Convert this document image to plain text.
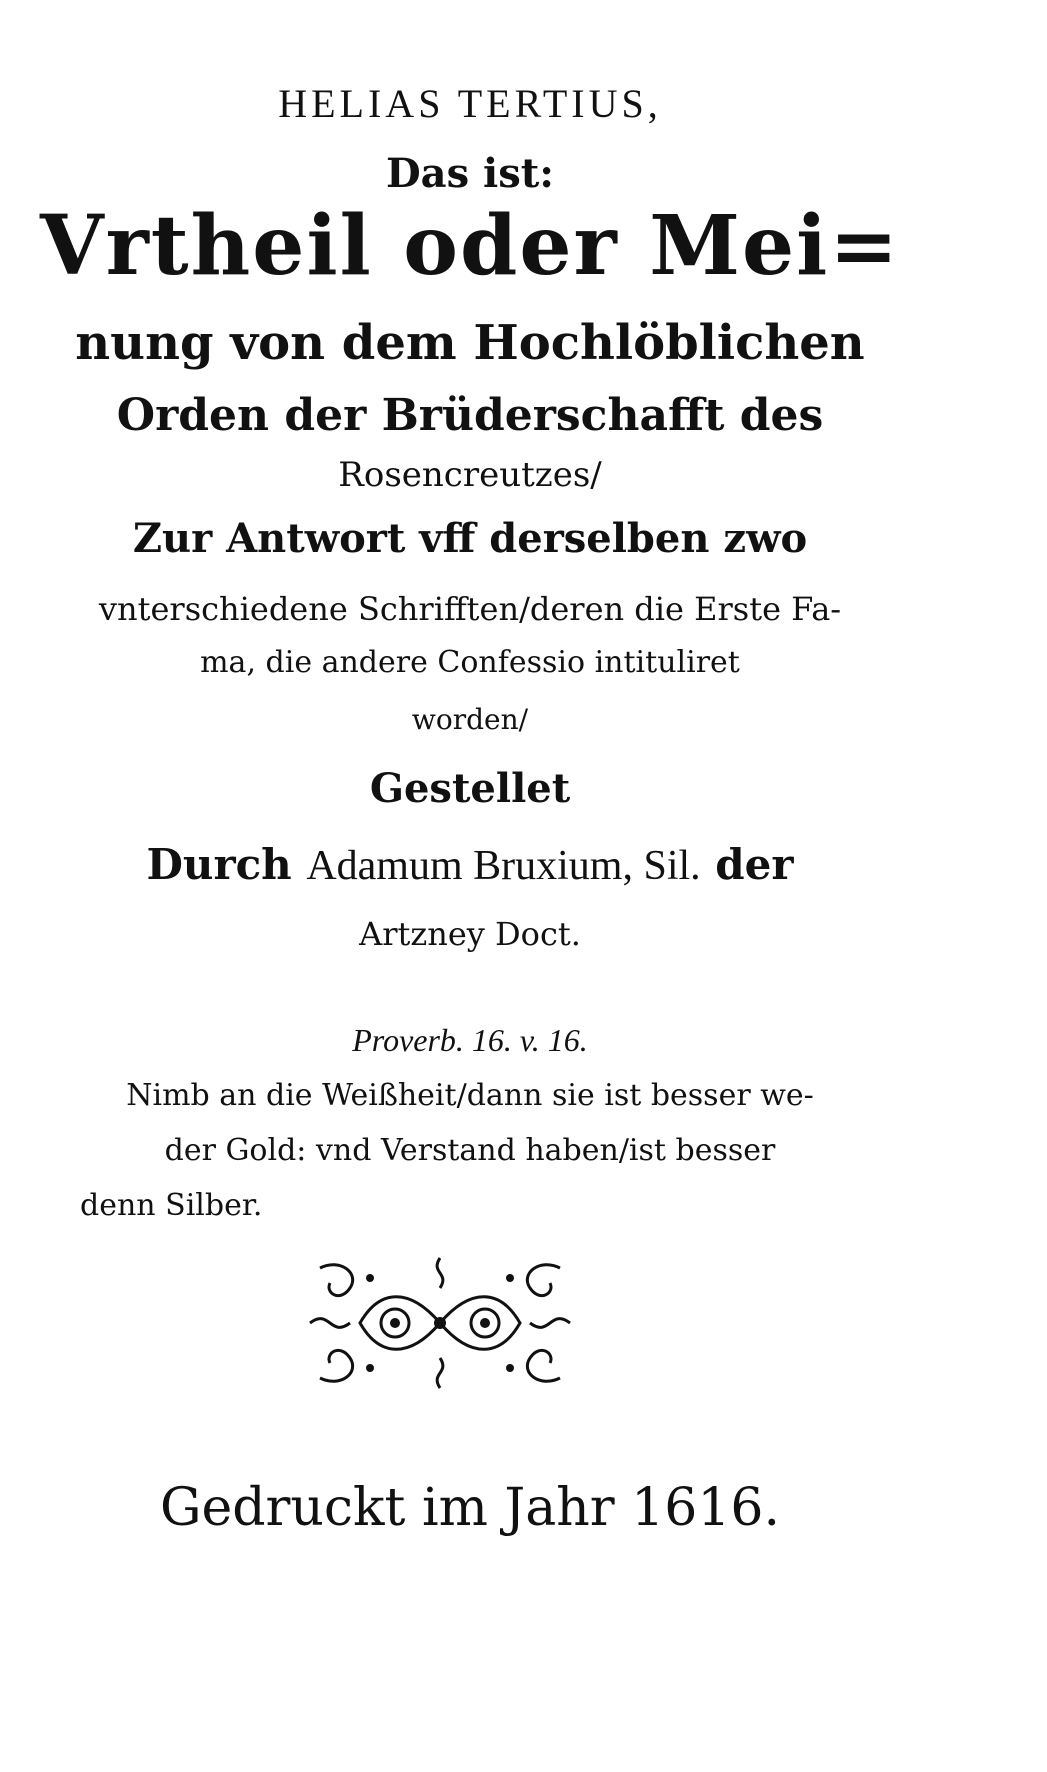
HELIAS TERTIUS,
Das ist:
Vrtheil oder Mei=
nung von dem Hochlöblichen
Orden der Brüderschafft des
Rosencreutzes/
Zur Antwort vff derselben zwo
vnterschiedene Schrifften/deren die Erste Fa-
ma, die andere Confessio intituliret
worden/
Gestellet
Durch Adamum Bruxium, Sil. der
Artzney Doct.
Proverb. 16. v. 16.
Nimb an die Weißheit/dann sie ist besser we-
der Gold: vnd Verstand haben/ist besser
denn Silber.
Gedruckt im Jahr 1616.
